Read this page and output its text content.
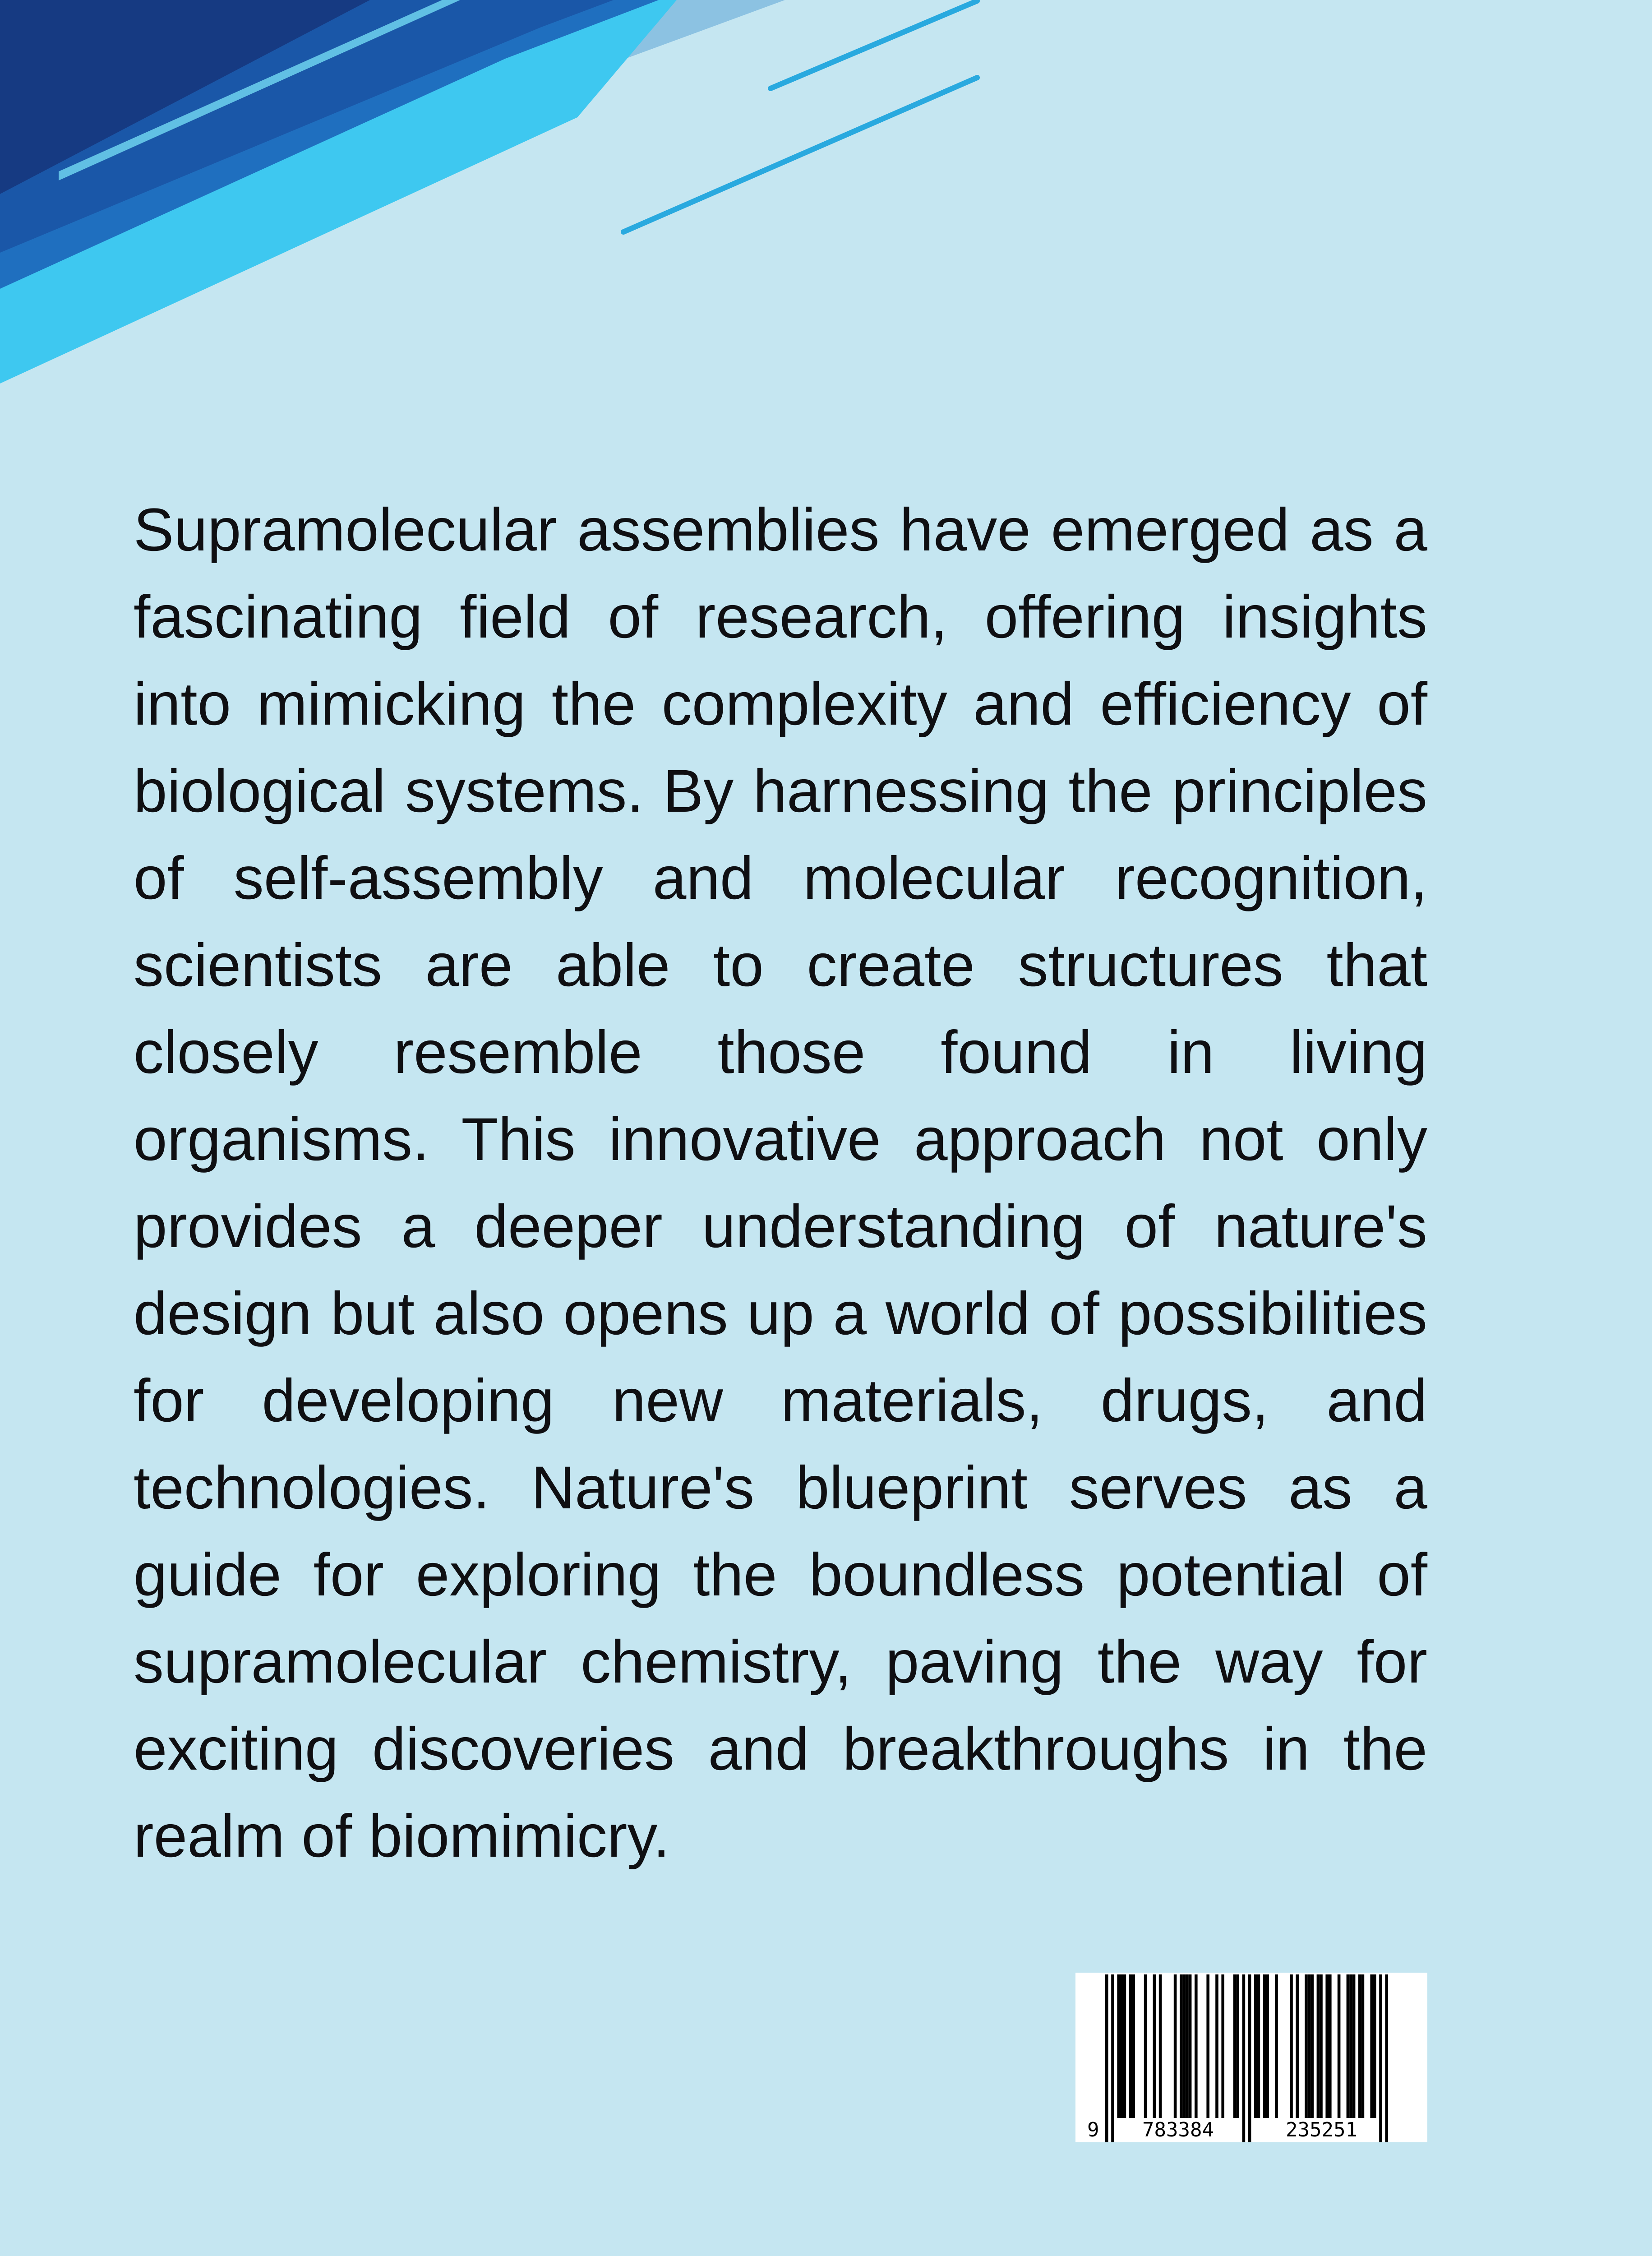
Supramolecular assemblies have emerged as a fascinating field of research, offering insights into mimicking the complexity and efficiency of biological systems. By harnessing the principles of self-assembly and molecular recognition, scientists are able to create structures that closely resemble those found in living organisms. This innovative approach not only provides a deeper understanding of nature's design but also opens up a world of possibilities for developing new materials, drugs, and technologies. Nature's blueprint serves as a guide for exploring the boundless potential of supramolecular chemistry, paving the way for exciting discoveries and breakthroughs in the realm of biomimicry.

9 783384	235251
